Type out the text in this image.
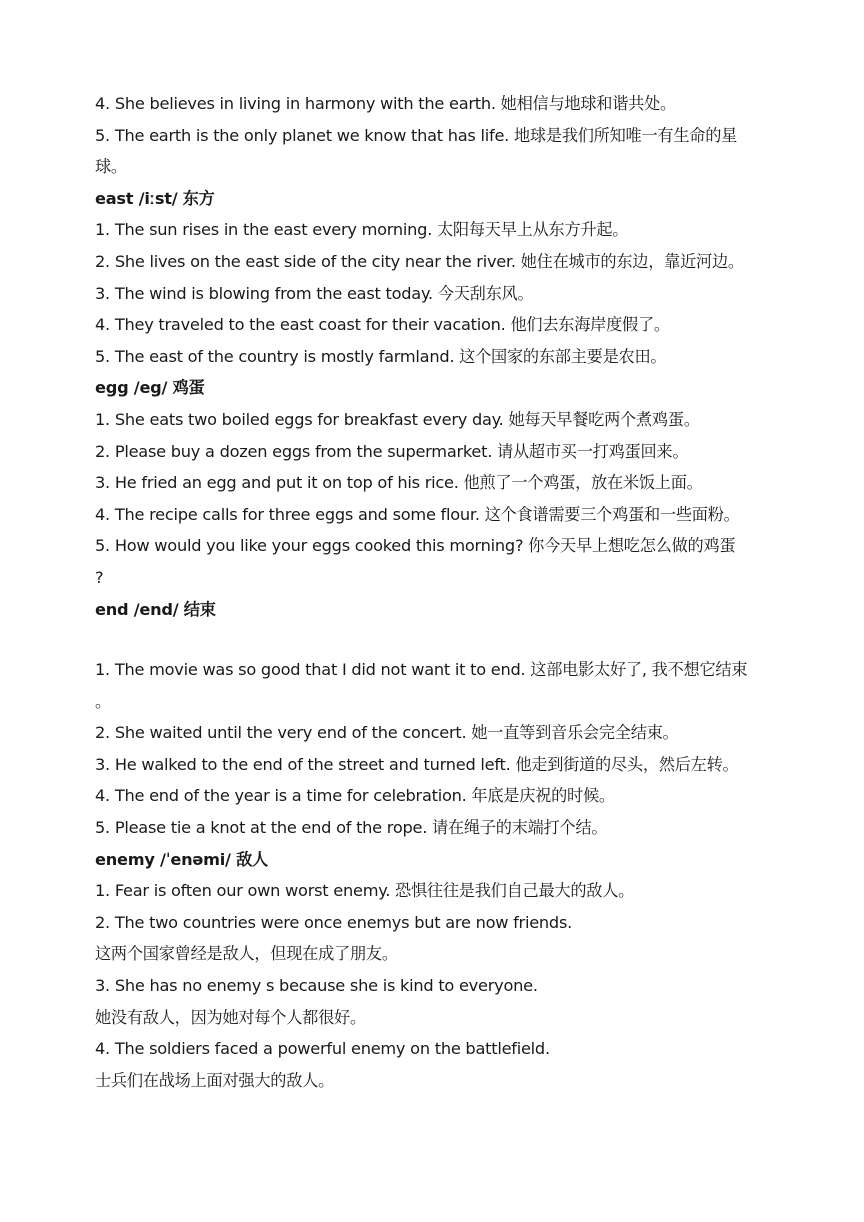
4. She believes in living in harmony with the earth. 她相信与地球和谐共处。
5. The earth is the only planet we know that has life. 地球是我们所知唯一有生命的星
球。
east /iːst/ 东方
1. The sun rises in the east every morning. 太阳每天早上从东方升起。
2. She lives on the east side of the city near the river. 她住在城市的东边，靠近河边。
3. The wind is blowing from the east today. 今天刮东风。
4. They traveled to the east coast for their vacation. 他们去东海岸度假了。
5. The east of the country is mostly farmland. 这个国家的东部主要是农田。
egg /eg/ 鸡蛋
1. She eats two boiled eggs for breakfast every day. 她每天早餐吃两个煮鸡蛋。
2. Please buy a dozen eggs from the supermarket. 请从超市买一打鸡蛋回来。
3. He fried an egg and put it on top of his rice. 他煎了一个鸡蛋，放在米饭上面。
4. The recipe calls for three eggs and some flour. 这个食谱需要三个鸡蛋和一些面粉。
5. How would you like your eggs cooked this morning? 你今天早上想吃怎么做的鸡蛋
?
end /end/ 结束
1. The movie was so good that I did not want it to end. 这部电影太好了, 我不想它结束
。
2. She waited until the very end of the concert. 她一直等到音乐会完全结束。
3. He walked to the end of the street and turned left. 他走到街道的尽头，然后左转。
4. The end of the year is a time for celebration. 年底是庆祝的时候。
5. Please tie a knot at the end of the rope. 请在绳子的末端打个结。
enemy /ˈenəmi/ 敌人
1. Fear is often our own worst enemy. 恐惧往往是我们自己最大的敌人。
2. The two countries were once enemys but are now friends.
这两个国家曾经是敌人，但现在成了朋友。
3. She has no enemy s because she is kind to everyone.
她没有敌人，因为她对每个人都很好。
4. The soldiers faced a powerful enemy on the battlefield.
士兵们在战场上面对强大的敌人。
